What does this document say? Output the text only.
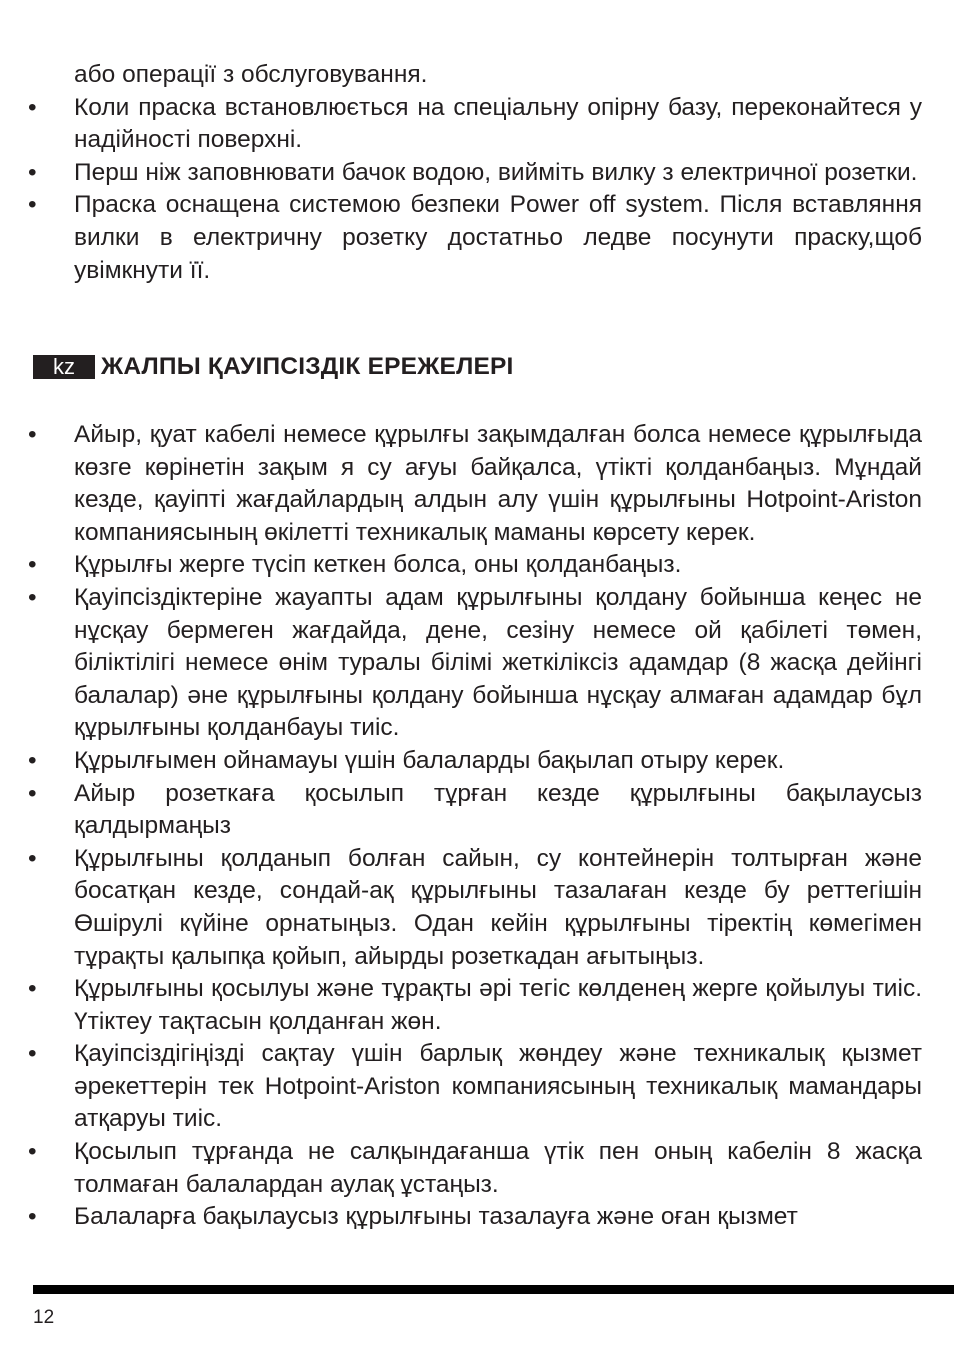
або операції з обслуговування.

•	Коли праска встановлюється на спеціальну опірну базу, переконайтеся у надійності поверхні.

•	Перш ніж заповнювати бачок водою, вийміть вилку з електричної розетки.

•	Праска оснащена системою безпеки Power off system. Після вставляння вилки в електричну розетку достатньо ледве посунути праску,щоб увімкнути її.

kz	ЖАЛПЫ ҚАУІПСІЗДІК ЕРЕЖЕЛЕРІ

•	Айыр, қуат кабелі немесе құрылғы зақымдалған болса немесе құрылғыда көзге көрінетін зақым я су ағуы байқалса, үтікті қолданбаңыз. Мұндай кезде, қауіпті жағдайлардың алдын алу үшін құрылғыны Hotpoint-Ariston компаниясының өкілетті техникалық маманы көрсету керек.

•	Құрылғы жерге түсіп кеткен болса, оны қолданбаңыз.

•	Қауіпсіздіктеріне жауапты адам құрылғыны қолдану бойынша кеңес не нұсқау бермеген жағдайда, дене, сезіну немесе ой қабілеті төмен, біліктілігі немесе өнім туралы білімі жеткіліксіз адамдар (8 жасқа дейінгі балалар) әне құрылғыны қолдану бойынша нұсқау алмаған адамдар бұл құрылғыны қолданбауы тиіс.

•	Құрылғымен ойнамауы үшін балаларды бақылап отыру керек.

•	Айыр розеткаға қосылып тұрған кезде құрылғыны бақылаусыз қалдырмаңыз

•	Құрылғыны қолданып болған сайын, су контейнерін толтырған және босатқан кезде, сондай-ақ құрылғыны тазалаған кезде бу реттегішін Өшірулі күйіне орнатыңыз. Одан кейін құрылғыны тіректің көмегімен тұрақты қалыпқа қойып, айырды розеткадан ағытыңыз.

•	Құрылғыны қосылуы және тұрақты әрі тегіс көлденең жерге қойылуы тиіс. Үтіктеу тақтасын қолданған жөн.

•	Қауіпсіздігіңізді сақтау үшін барлық жөндеу және техникалық қызмет әрекеттерін тек Hotpoint-Ariston компаниясының техникалық мамандары атқаруы тиіс.

•	Қосылып тұрғанда не салқындағанша үтік пен оның кабелін 8 жасқа толмаған балалардан аулақ ұстаңыз.

•	Балаларға бақылаусыз құрылғыны тазалауға және оған қызмет

12
